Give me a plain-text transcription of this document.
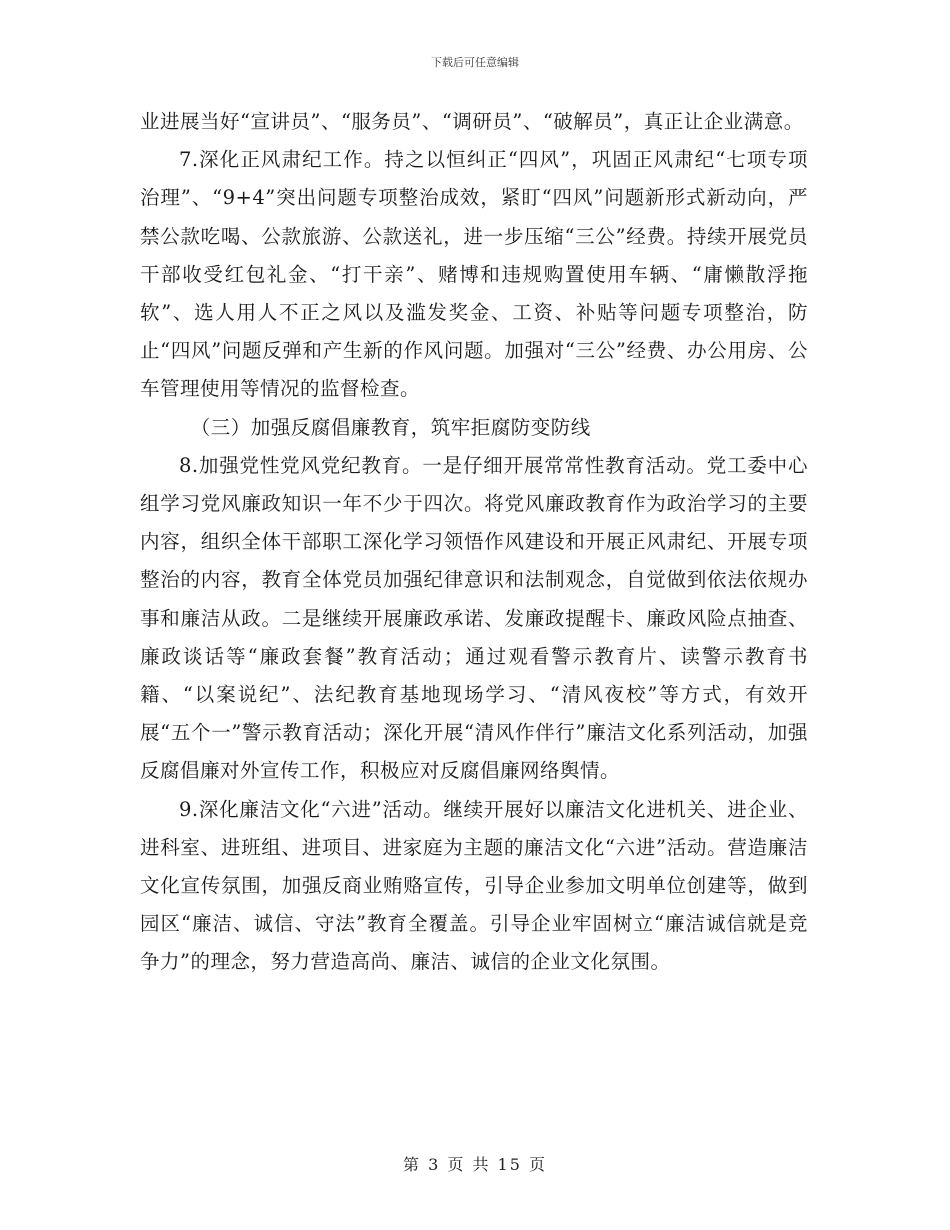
下载后可任意编辑

业进展当好“宣讲员”、“服务员”、“调研员”、“破解员”，真正让企业满意。

7.深化正风肃纪工作。持之以恒纠正“四风”，巩固正风肃纪“七项专项治理”、“9+4”突出问题专项整治成效，紧盯“四风”问题新形式新动向，严禁公款吃喝、公款旅游、公款送礼，进一步压缩“三公”经费。持续开展党员干部收受红包礼金、“打干亲”、赌博和违规购置使用车辆、“庸懒散浮拖软”、选人用人不正之风以及滥发奖金、工资、补贴等问题专项整治，防止“四风”问题反弹和产生新的作风问题。加强对“三公”经费、办公用房、公车管理使用等情况的监督检查。

（三）加强反腐倡廉教育，筑牢拒腐防变防线

8.加强党性党风党纪教育。一是仔细开展常常性教育活动。党工委中心组学习党风廉政知识一年不少于四次。将党风廉政教育作为政治学习的主要内容，组织全体干部职工深化学习领悟作风建设和开展正风肃纪、开展专项整治的内容，教育全体党员加强纪律意识和法制观念，自觉做到依法依规办事和廉洁从政。二是继续开展廉政承诺、发廉政提醒卡、廉政风险点抽查、廉政谈话等“廉政套餐”教育活动；通过观看警示教育片、读警示教育书籍、“以案说纪”、法纪教育基地现场学习、“清风夜校”等方式，有效开展“五个一”警示教育活动；深化开展“清风作伴行”廉洁文化系列活动，加强反腐倡廉对外宣传工作，积极应对反腐倡廉网络舆情。

9.深化廉洁文化“六进”活动。继续开展好以廉洁文化进机关、进企业、进科室、进班组、进项目、进家庭为主题的廉洁文化“六进”活动。营造廉洁文化宣传氛围，加强反商业贿赂宣传，引导企业参加文明单位创建等，做到园区“廉洁、诚信、守法”教育全覆盖。引导企业牢固树立“廉洁诚信就是竞争力”的理念，努力营造高尚、廉洁、诚信的企业文化氛围。

第 3 页 共 15 页
